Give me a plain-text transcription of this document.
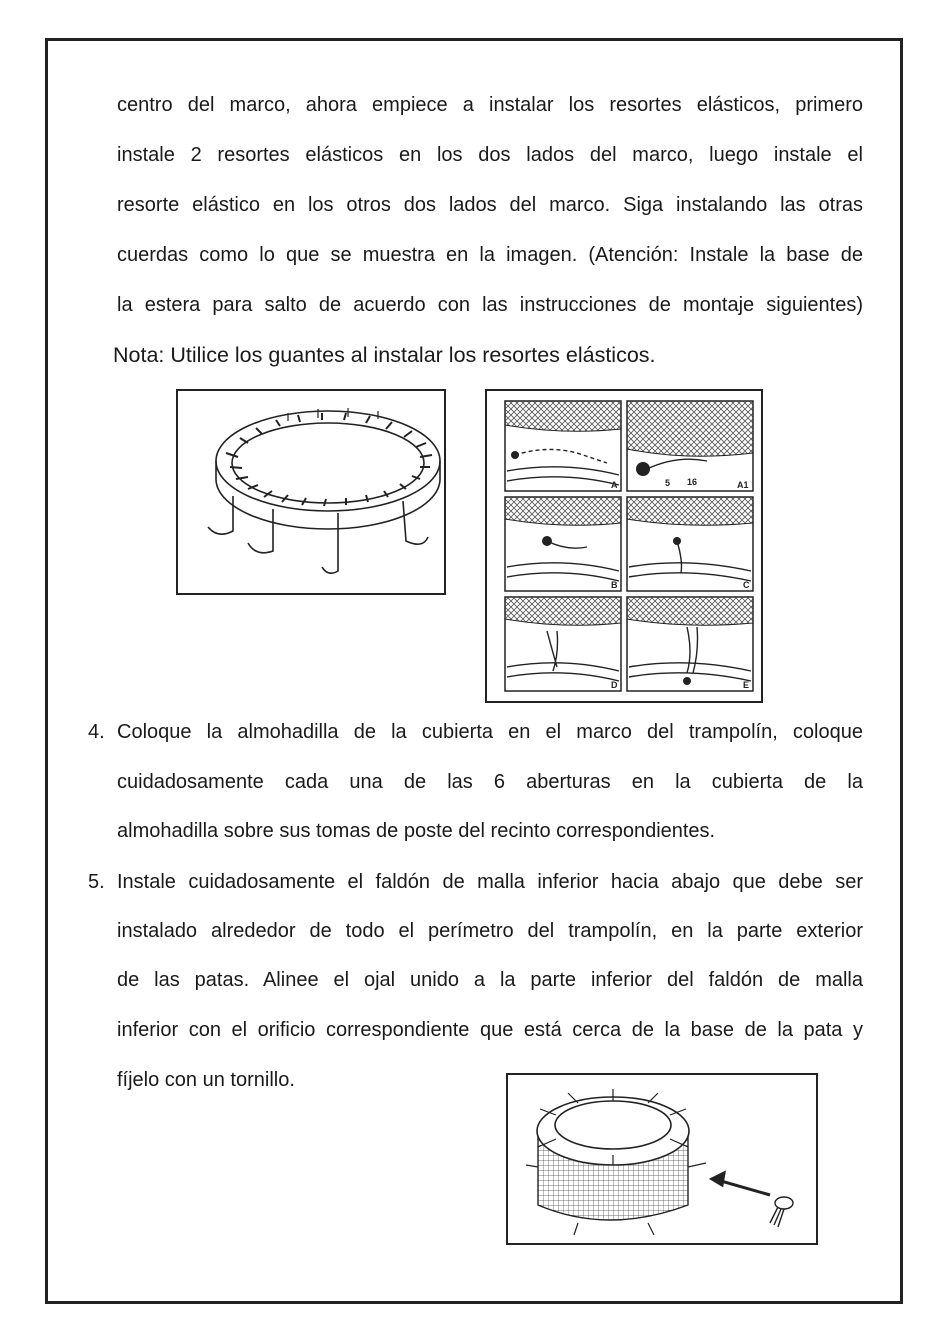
centro del marco, ahora empiece a instalar los resortes elásticos, primero
instale 2 resortes elásticos en los dos lados del marco, luego instale el
resorte elástico en los otros dos lados del marco. Siga instalando las otras
cuerdas como lo que se muestra en la imagen. (Atención: Instale la base de
la estera para salto de acuerdo con las instrucciones de montaje siguientes)
Nota: Utilice los guantes al instalar los resortes elásticos.
A	A1
B	C
D	E
5 16
4. Coloque la almohadilla de la cubierta en el marco del trampolín, coloque
cuidadosamente cada una de las 6 aberturas en la cubierta de la
almohadilla sobre sus tomas de poste del recinto correspondientes.
5. Instale cuidadosamente el faldón de malla inferior hacia abajo que debe ser
instalado alrededor de todo el perímetro del trampolín, en la parte exterior
de las patas. Alinee el ojal unido a la parte inferior del faldón de malla
inferior con el orificio correspondiente que está cerca de la base de la pata y
fíjelo con un tornillo.
